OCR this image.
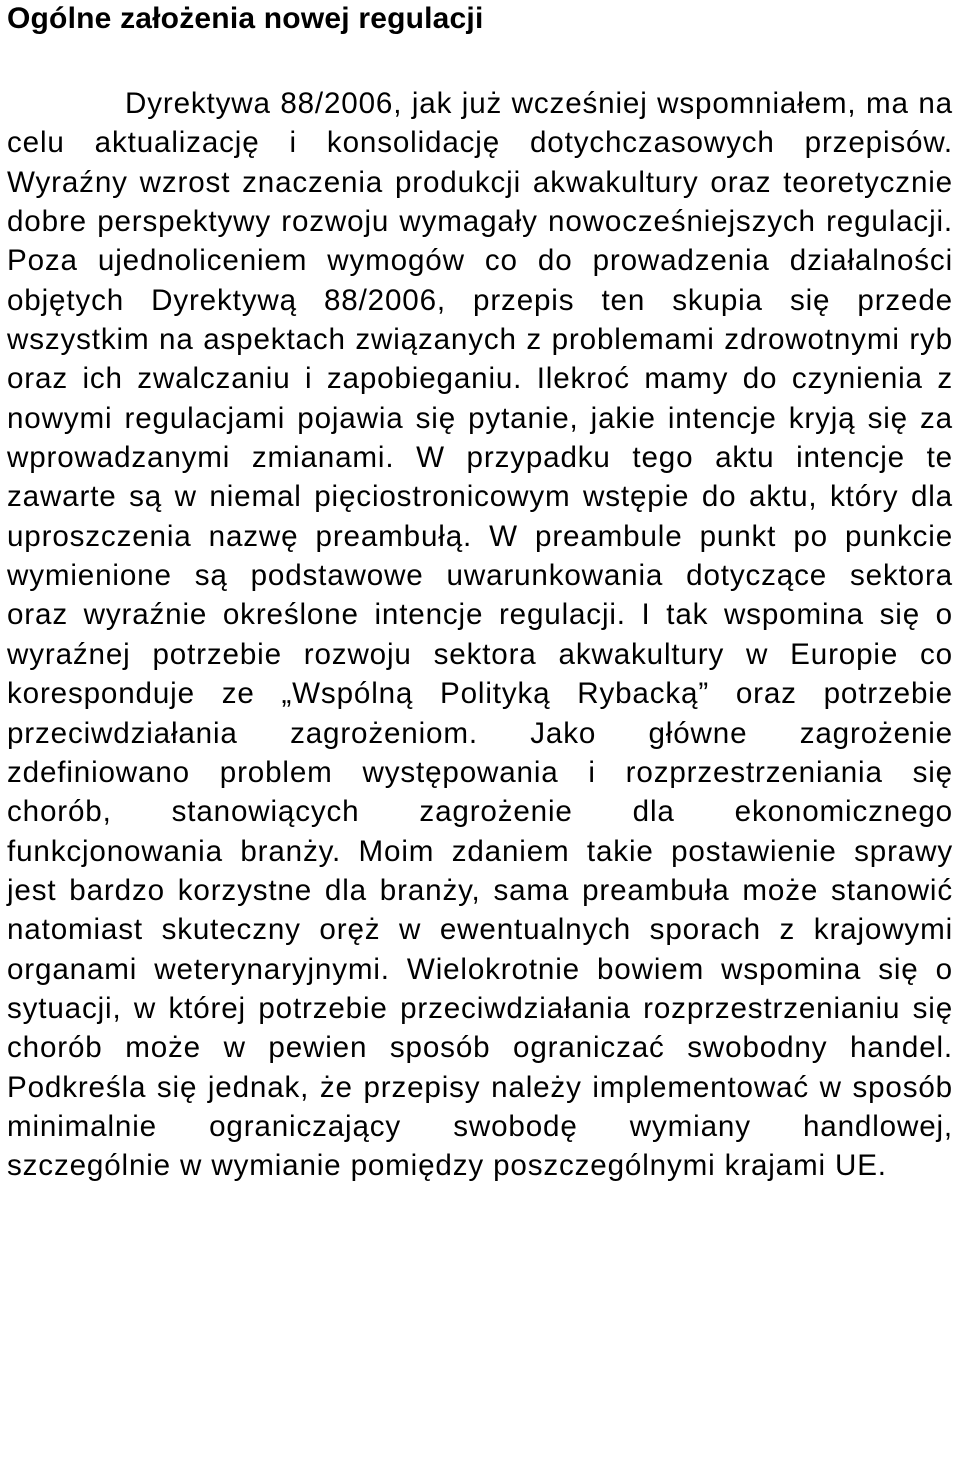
Ogólne założenia nowej regulacji

Dyrektywa 88/2006, jak już wcześniej wspomniałem, ma na celu aktualizację i konsolidację dotychczasowych przepisów. Wyraźny wzrost znaczenia produkcji akwakultury oraz teoretycznie dobre perspektywy rozwoju wymagały nowocześniejszych regulacji. Poza ujednoliceniem wymogów co do prowadzenia działalności objętych Dyrektywą 88/2006, przepis ten skupia się przede wszystkim na aspektach związanych z problemami zdrowotnymi ryb oraz ich zwalczaniu i zapobieganiu. Ilekroć mamy do czynienia z nowymi regulacjami pojawia się pytanie, jakie intencje kryją się za wprowadzanymi zmianami. W przypadku tego aktu intencje te zawarte są w niemal pięciostronicowym wstępie do aktu, który dla uproszczenia nazwę preambułą. W preambule punkt po punkcie wymienione są podstawowe uwarunkowania dotyczące sektora oraz wyraźnie określone intencje regulacji. I tak wspomina się o wyraźnej potrzebie rozwoju sektora akwakultury w Europie co koresponduje ze „Wspólną Polityką Rybacką” oraz potrzebie przeciwdziałania zagrożeniom. Jako główne zagrożenie zdefiniowano problem występowania i rozprzestrzeniania się chorób, stanowiących zagrożenie dla ekonomicznego funkcjonowania branży. Moim zdaniem takie postawienie sprawy jest bardzo korzystne dla branży, sama preambuła może stanowić natomiast skuteczny oręż w ewentualnych sporach z krajowymi organami weterynaryjnymi. Wielokrotnie bowiem wspomina się o sytuacji, w której potrzebie przeciwdziałania rozprzestrzenianiu się chorób może w pewien sposób ograniczać swobodny handel. Podkreśla się jednak, że przepisy należy implementować w sposób minimalnie ograniczający swobodę wymiany handlowej, szczególnie w wymianie pomiędzy poszczególnymi krajami UE.
